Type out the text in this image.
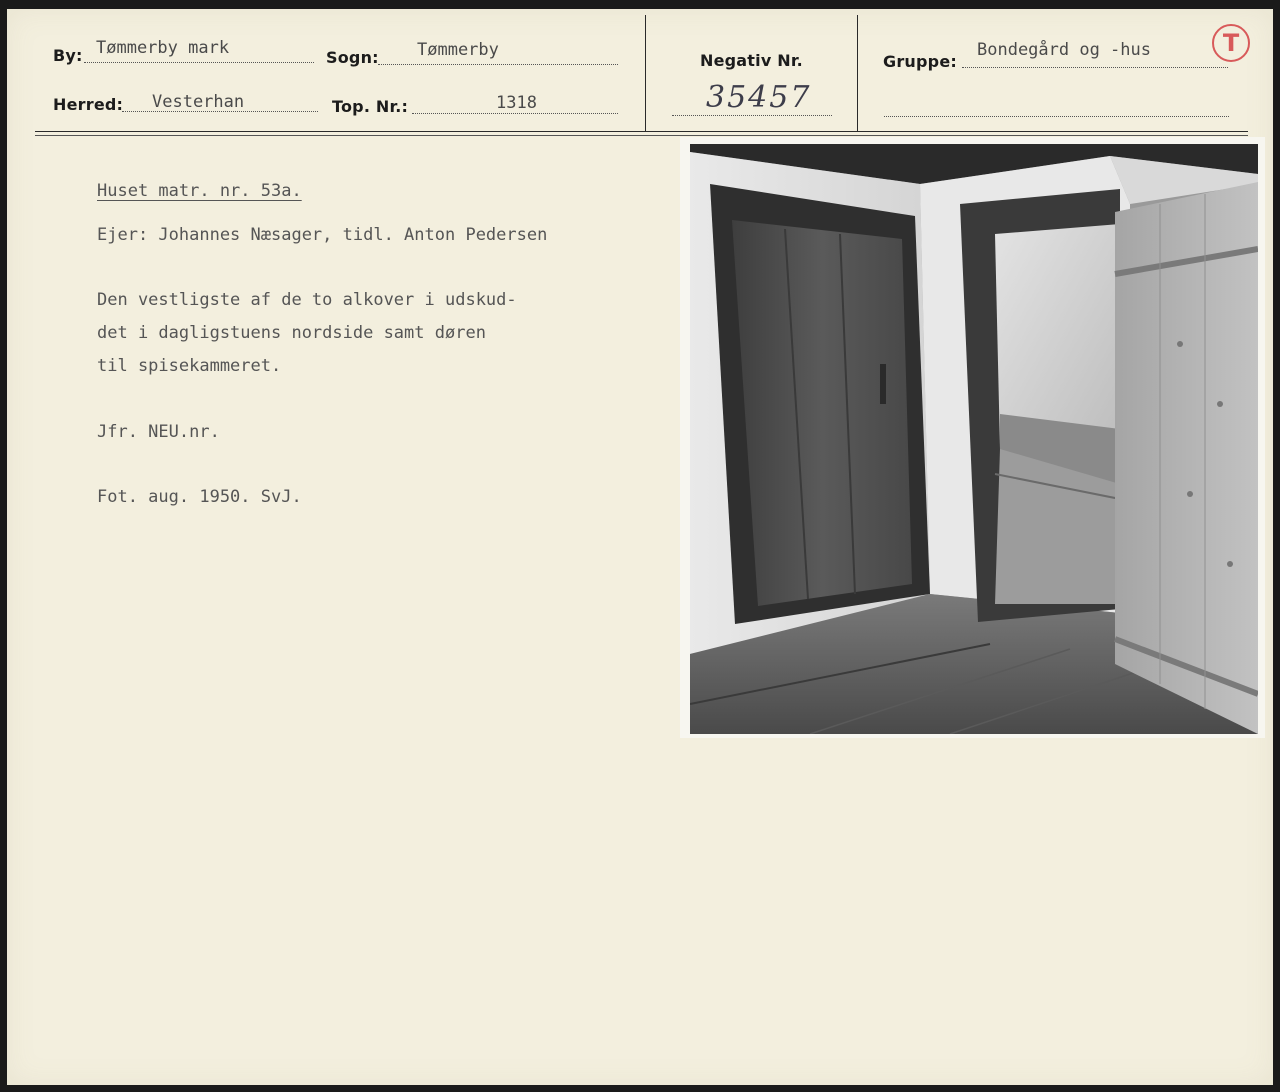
By: Tømmerby mark	Sogn: Tømmerby
Herred: Vesterhan	Top. Nr.:	1318
Negativ Nr.
35457
Gruppe:
Bondegård og -hus	T
Huset matr. nr. 53a.
Ejer: Johannes Næsager, tidl. Anton Pedersen
Den vestligste af de to alkover i udskud-
det i dagligstuens nordside samt døren
til spisekammeret.
Jfr. NEU.nr.
Fot. aug. 1950. SvJ.
